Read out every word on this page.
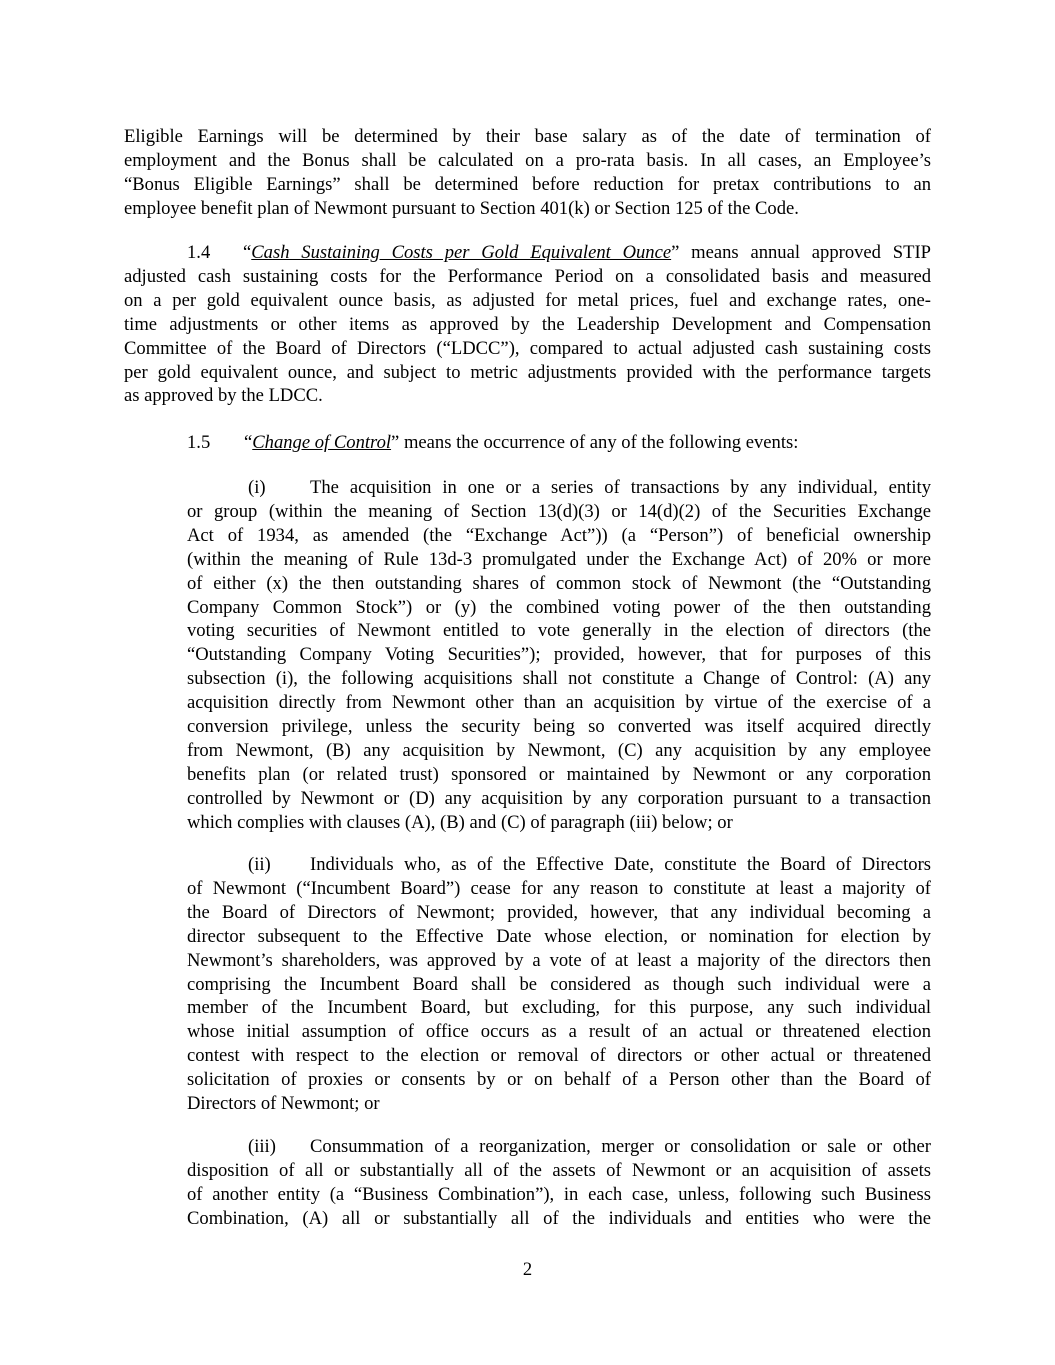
Eligible Earnings will be determined by their base salary as of the date of termination of
employment and the Bonus shall be calculated on a pro-rata basis. In all cases, an Employee’s
“Bonus Eligible Earnings” shall be determined before reduction for pretax contributions to an
employee benefit plan of Newmont pursuant to Section 401(k) or Section 125 of the Code.
1.4 “Cash Sustaining Costs per Gold Equivalent Ounce” means annual approved STIP
adjusted cash sustaining costs for the Performance Period on a consolidated basis and measured
on a per gold equivalent ounce basis, as adjusted for metal prices, fuel and exchange rates, one-
time adjustments or other items as approved by the Leadership Development and Compensation
Committee of the Board of Directors (“LDCC”), compared to actual adjusted cash sustaining costs
per gold equivalent ounce, and subject to metric adjustments provided with the performance targets
as approved by the LDCC.
1.5 “Change of Control” means the occurrence of any of the following events:
(i) The acquisition in one or a series of transactions by any individual, entity
or group (within the meaning of Section 13(d)(3) or 14(d)(2) of the Securities Exchange
Act of 1934, as amended (the “Exchange Act”)) (a “Person”) of beneficial ownership
(within the meaning of Rule 13d-3 promulgated under the Exchange Act) of 20% or more
of either (x) the then outstanding shares of common stock of Newmont (the “Outstanding
Company Common Stock”) or (y) the combined voting power of the then outstanding
voting securities of Newmont entitled to vote generally in the election of directors (the
“Outstanding Company Voting Securities”); provided, however, that for purposes of this
subsection (i), the following acquisitions shall not constitute a Change of Control: (A) any
acquisition directly from Newmont other than an acquisition by virtue of the exercise of a
conversion privilege, unless the security being so converted was itself acquired directly
from Newmont, (B) any acquisition by Newmont, (C) any acquisition by any employee
benefits plan (or related trust) sponsored or maintained by Newmont or any corporation
controlled by Newmont or (D) any acquisition by any corporation pursuant to a transaction
which complies with clauses (A), (B) and (C) of paragraph (iii) below; or
(ii) Individuals who, as of the Effective Date, constitute the Board of Directors
of Newmont (“Incumbent Board”) cease for any reason to constitute at least a majority of
the Board of Directors of Newmont; provided, however, that any individual becoming a
director subsequent to the Effective Date whose election, or nomination for election by
Newmont’s shareholders, was approved by a vote of at least a majority of the directors then
comprising the Incumbent Board shall be considered as though such individual were a
member of the Incumbent Board, but excluding, for this purpose, any such individual
whose initial assumption of office occurs as a result of an actual or threatened election
contest with respect to the election or removal of directors or other actual or threatened
solicitation of proxies or consents by or on behalf of a Person other than the Board of
Directors of Newmont; or
(iii) Consummation of a reorganization, merger or consolidation or sale or other
disposition of all or substantially all of the assets of Newmont or an acquisition of assets
of another entity (a “Business Combination”), in each case, unless, following such Business
Combination, (A) all or substantially all of the individuals and entities who were the
2
